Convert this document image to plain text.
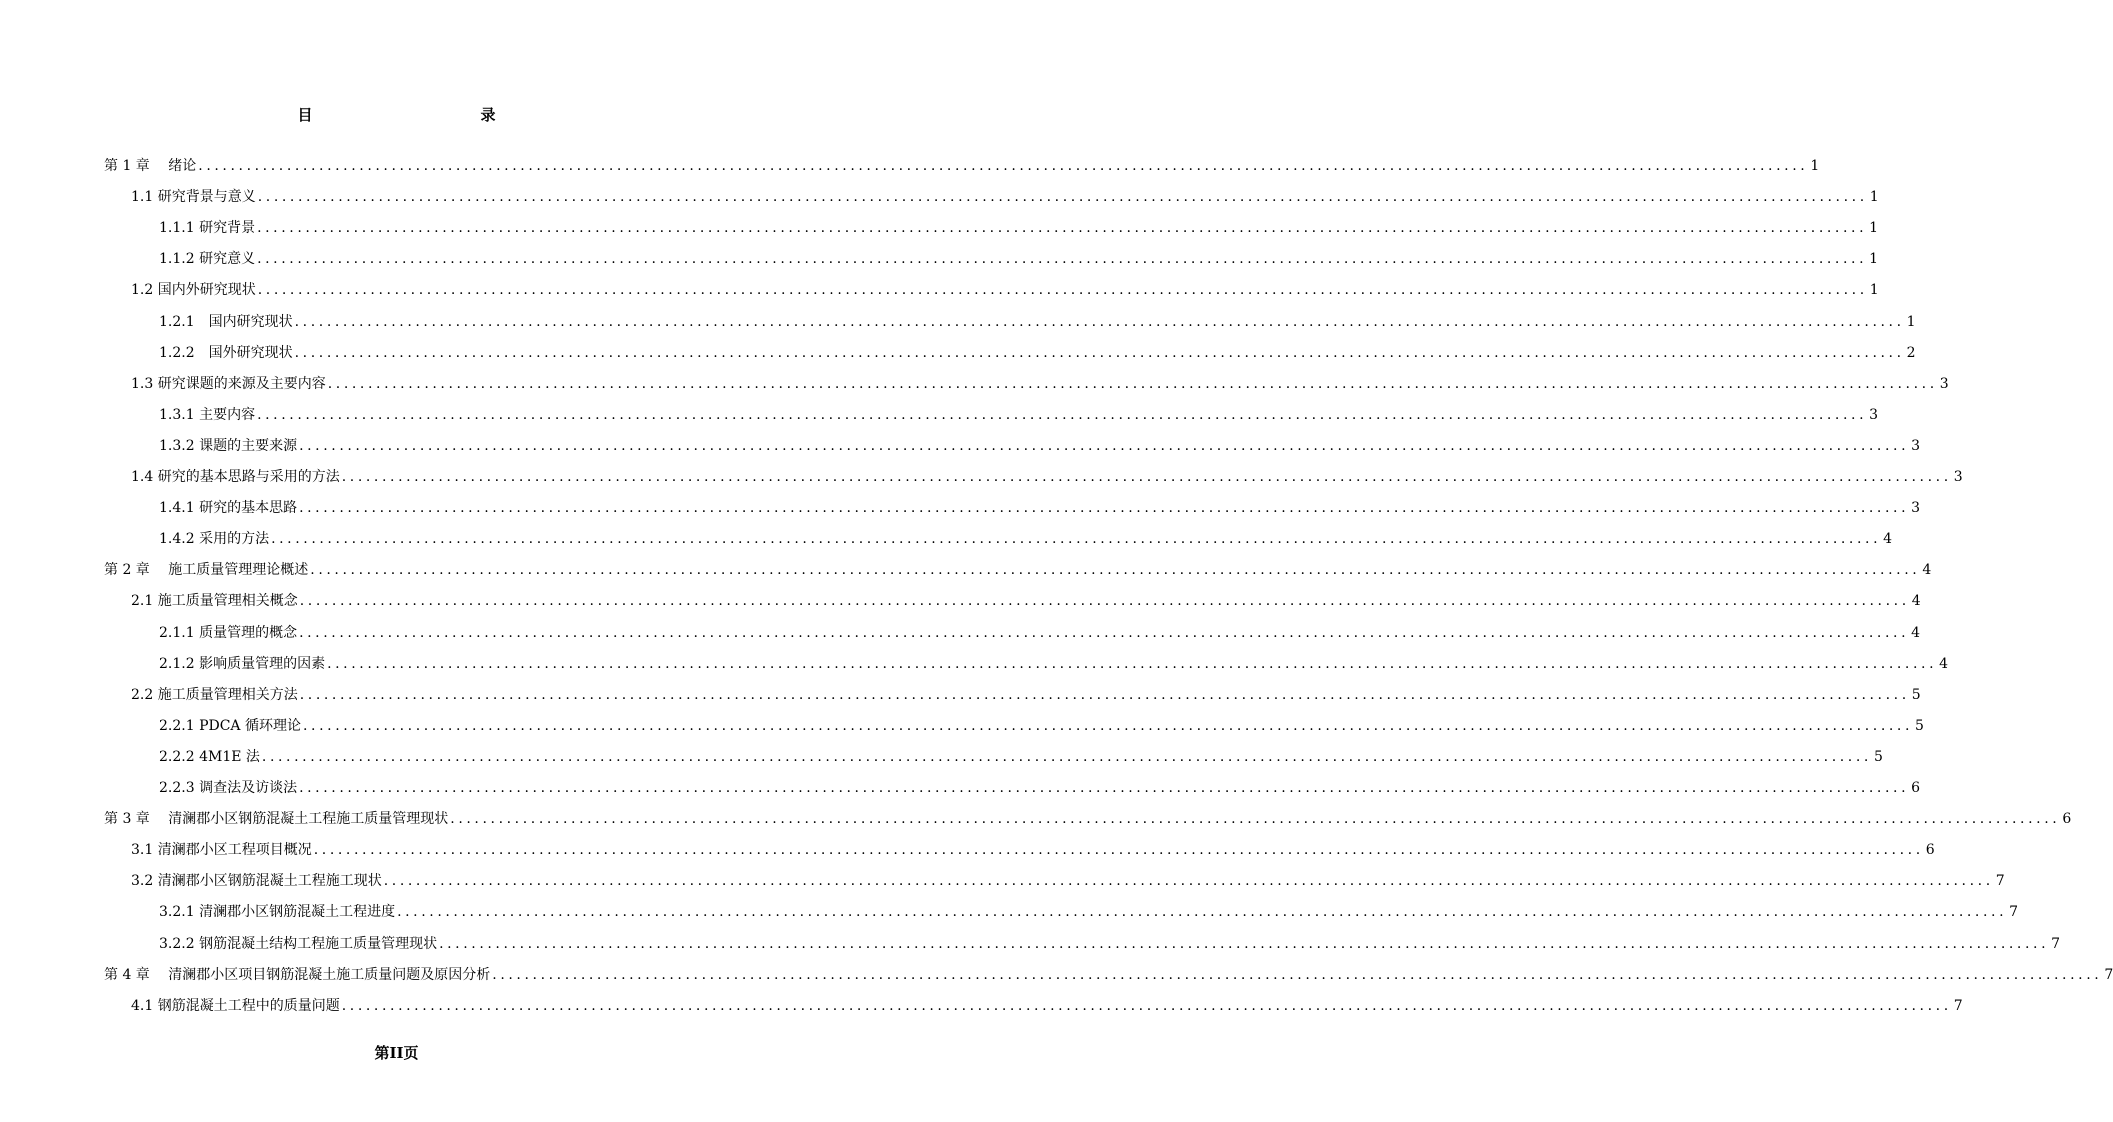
目　　录
第 1 章　 绪论 ........................................................................................................................................................................................................ 1
1.1 研究背景与意义 ........................................................................................................................................................................................................ 1
1.1.1 研究背景 ........................................................................................................................................................................................................ 1
1.1.2 研究意义 ........................................................................................................................................................................................................ 1
1.2 国内外研究现状 ........................................................................................................................................................................................................ 1
1.2.1　国内研究现状 ........................................................................................................................................................................................................ 1
1.2.2　国外研究现状 ........................................................................................................................................................................................................ 2
1.3 研究课题的来源及主要内容 ........................................................................................................................................................................................................ 3
1.3.1 主要内容 ........................................................................................................................................................................................................ 3
1.3.2 课题的主要来源 ........................................................................................................................................................................................................ 3
1.4 研究的基本思路与采用的方法 ........................................................................................................................................................................................................ 3
1.4.1 研究的基本思路 ........................................................................................................................................................................................................ 3
1.4.2 采用的方法 ........................................................................................................................................................................................................ 4
第 2 章　 施工质量管理理论概述 ........................................................................................................................................................................................................ 4
2.1 施工质量管理相关概念 ........................................................................................................................................................................................................ 4
2.1.1 质量管理的概念 ........................................................................................................................................................................................................ 4
2.1.2 影响质量管理的因素 ........................................................................................................................................................................................................ 4
2.2 施工质量管理相关方法 ........................................................................................................................................................................................................ 5
2.2.1 PDCA 循环理论 ........................................................................................................................................................................................................ 5
2.2.2 4M1E 法 ........................................................................................................................................................................................................ 5
2.2.3 调查法及访谈法 ........................................................................................................................................................................................................ 6
第 3 章　 清澜郡小区钢筋混凝土工程施工质量管理现状 ........................................................................................................................................................................................................ 6
3.1 清澜郡小区工程项目概况 ........................................................................................................................................................................................................ 6
3.2 清澜郡小区钢筋混凝土工程施工现状 ........................................................................................................................................................................................................ 7
3.2.1 清澜郡小区钢筋混凝土工程进度 ........................................................................................................................................................................................................ 7
3.2.2 钢筋混凝土结构工程施工质量管理现状 ........................................................................................................................................................................................................ 7
第 4 章　 清澜郡小区项目钢筋混凝土施工质量问题及原因分析 ........................................................................................................................................................................................................ 7
4.1 钢筋混凝土工程中的质量问题 ........................................................................................................................................................................................................ 7
第II页
